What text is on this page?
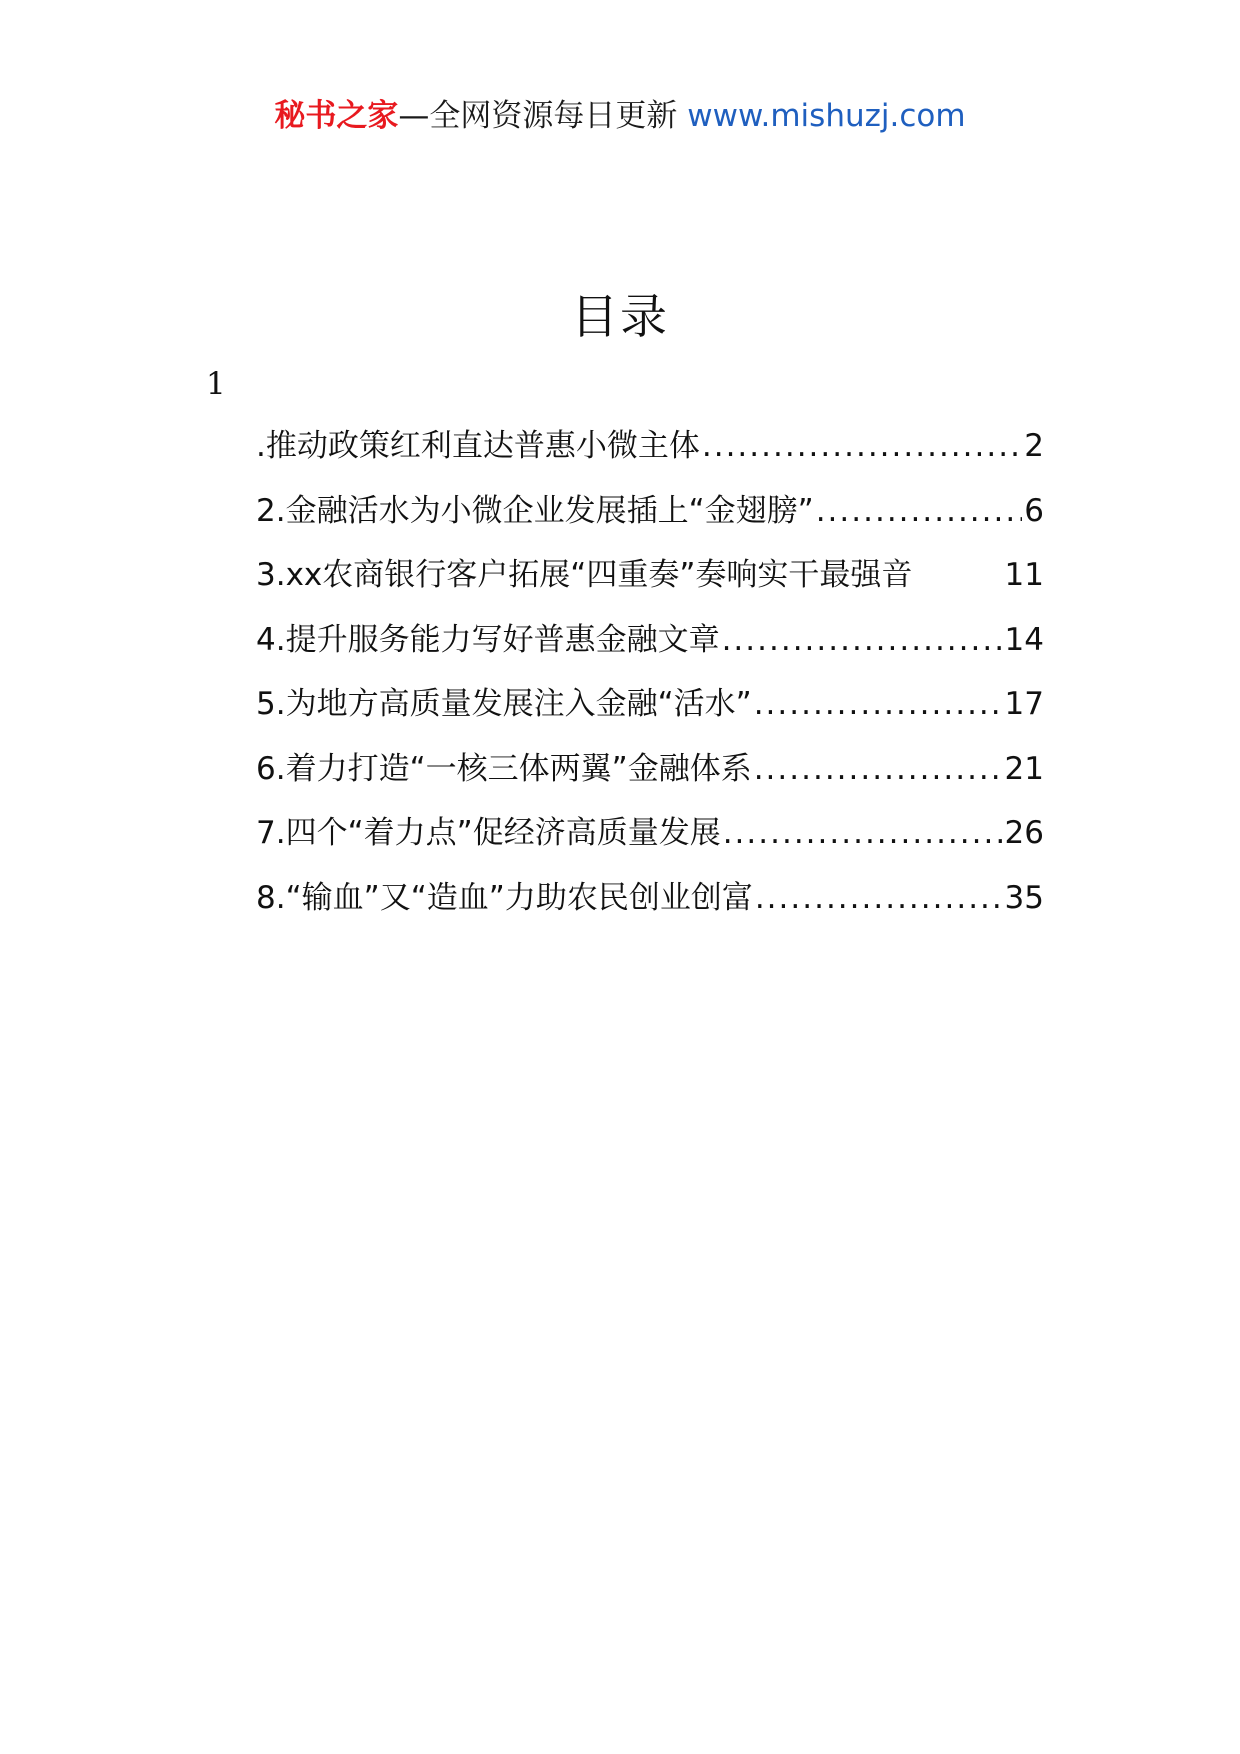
秘书之家—全网资源每日更新 www.mishuzj.com
目录
1
.推动政策红利直达普惠小微主体 .....	2
2. 金融活水为小微企业发展插上“金翅膀” .....	6
3. xx农商银行客户拓展“四重奏”奏响实干最强音	11
4. 提升服务能力写好普惠金融文章 .....	14
5. 为地方高质量发展注入金融“活水” .....	17
6. 着力打造“一核三体两翼”金融体系 .....	21
7. 四个“着力点”促经济高质量发展 .....	26
8. “输血”又“造血”力助农民创业创富 .....	35
